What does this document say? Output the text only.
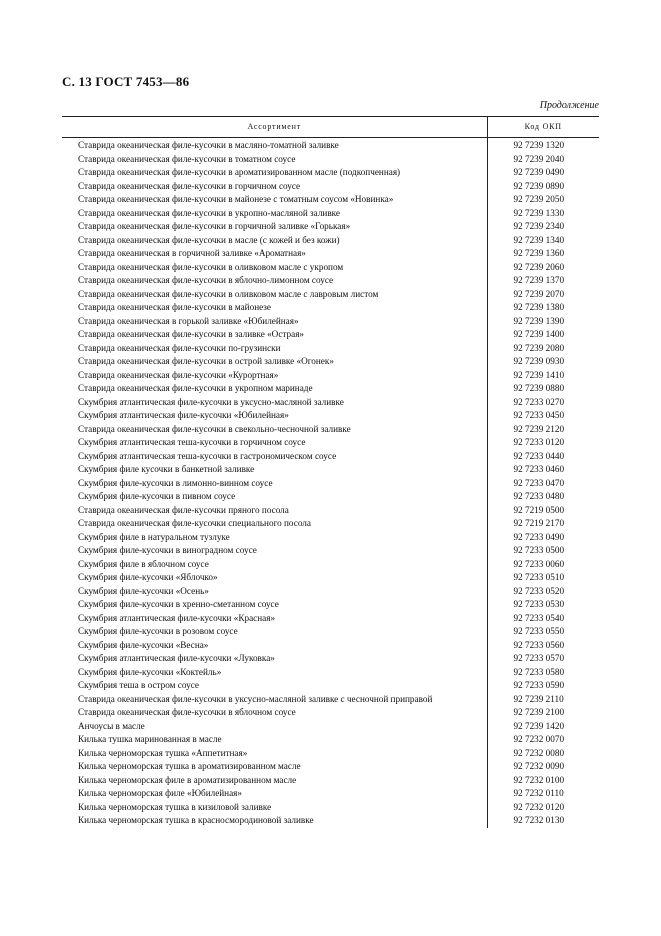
С. 13 ГОСТ 7453—86
Продолжение
Ассортимент	Код ОКП
Ставрида океаническая филе-кусочки в масляно-томатной заливке	92 7239 1320
Ставрида океаническая филе-кусочки в томатном соусе	92 7239 2040
Ставрида океаническая филе-кусочки в ароматизированном масле (подкопченная)	92 7239 0490
Ставрида океаническая филе-кусочки в горчичном соусе	92 7239 0890
Ставрида океаническая филе-кусочки в майонезе с томатным соусом «Новинка»	92 7239 2050
Ставрида океаническая филе-кусочки в укропно-масляной заливке	92 7239 1330
Ставрида океаническая филе-кусочки в горчичной заливке «Горькая»	92 7239 2340
Ставрида океаническая филе-кусочки в масле (с кожей и без кожи)	92 7239 1340
Ставрида океаническая в горчичной заливке «Ароматная»	92 7239 1360
Ставрида океаническая филе-кусочки в оливковом масле с укропом	92 7239 2060
Ставрида океаническая филе-кусочки в яблочно-лимонном соусе	92 7239 1370
Ставрида океаническая филе-кусочки в оливковом масле с лавровым листом	92 7239 2070
Ставрида океаническая филе-кусочки в майонезе	92 7239 1380
Ставрида океаническая в горькой заливке «Юбилейная»	92 7239 1390
Ставрида океаническая филе-кусочки в заливке «Острая»	92 7239 1400
Ставрида океаническая филе-кусочки по-грузински	92 7239 2080
Ставрида океаническая филе-кусочки в острой заливке «Огонек»	92 7239 0930
Ставрида океаническая филе-кусочки «Курортная»	92 7239 1410
Ставрида океаническая филе-кусочки в укропном маринаде	92 7239 0880
Скумбрия атлантическая филе-кусочки в уксусно-масляной заливке	92 7233 0270
Скумбрия атлантическая филе-кусочки «Юбилейная»	92 7233 0450
Ставрида океаническая филе-кусочки в свекольно-чесночной заливке	92 7239 2120
Скумбрия атлантическая теша-кусочки в горчичном соусе	92 7233 0120
Скумбрия атлантическая теша-кусочки в гастрономическом соусе	92 7233 0440
Скумбрия филе кусочки в банкетной заливке	92 7233 0460
Скумбрия филе-кусочки в лимонно-винном соусе	92 7233 0470
Скумбрия филе-кусочки в пивном соусе	92 7233 0480
Ставрида океаническая филе-кусочки пряного посола	92 7219 0500
Ставрида океаническая филе-кусочки специального посола	92 7219 2170
Скумбрия филе в натуральном тузлуке	92 7233 0490
Скумбрия филе-кусочки в виноградном соусе	92 7233 0500
Скумбрия филе в яблочном соусе	92 7233 0060
Скумбрия филе-кусочки «Яблочко»	92 7233 0510
Скумбрия филе-кусочки «Осень»	92 7233 0520
Скумбрия филе-кусочки в хренно-сметанном соусе	92 7233 0530
Скумбрия атлантическая филе-кусочки «Красная»	92 7233 0540
Скумбрия филе-кусочки в розовом соусе	92 7233 0550
Скумбрия филе-кусочки «Весна»	92 7233 0560
Скумбрия атлантическая филе-кусочки «Луковка»	92 7233 0570
Скумбрия филе-кусочки «Коктейль»	92 7233 0580
Скумбрия теша в остром соусе	92 7233 0590
Ставрида океаническая филе-кусочки в уксусно-масляной заливке с чесночной приправой	92 7239 2110
Ставрида океаническая филе-кусочки в яблочном соусе	92 7239 2100
Анчоусы в масле	92 7239 1420
Килька тушка маринованная в масле	92 7232 0070
Килька черноморская тушка «Аппетитная»	92 7232 0080
Килька черноморская тушка в ароматизированном масле	92 7232 0090
Килька черноморская филе в ароматизированном масле	92 7232 0100
Килька черноморская филе «Юбилейная»	92 7232 0110
Килька черноморская тушка в кизиловой заливке	92 7232 0120
Килька черноморская тушка в красносмородиновой заливке	92 7232 0130
